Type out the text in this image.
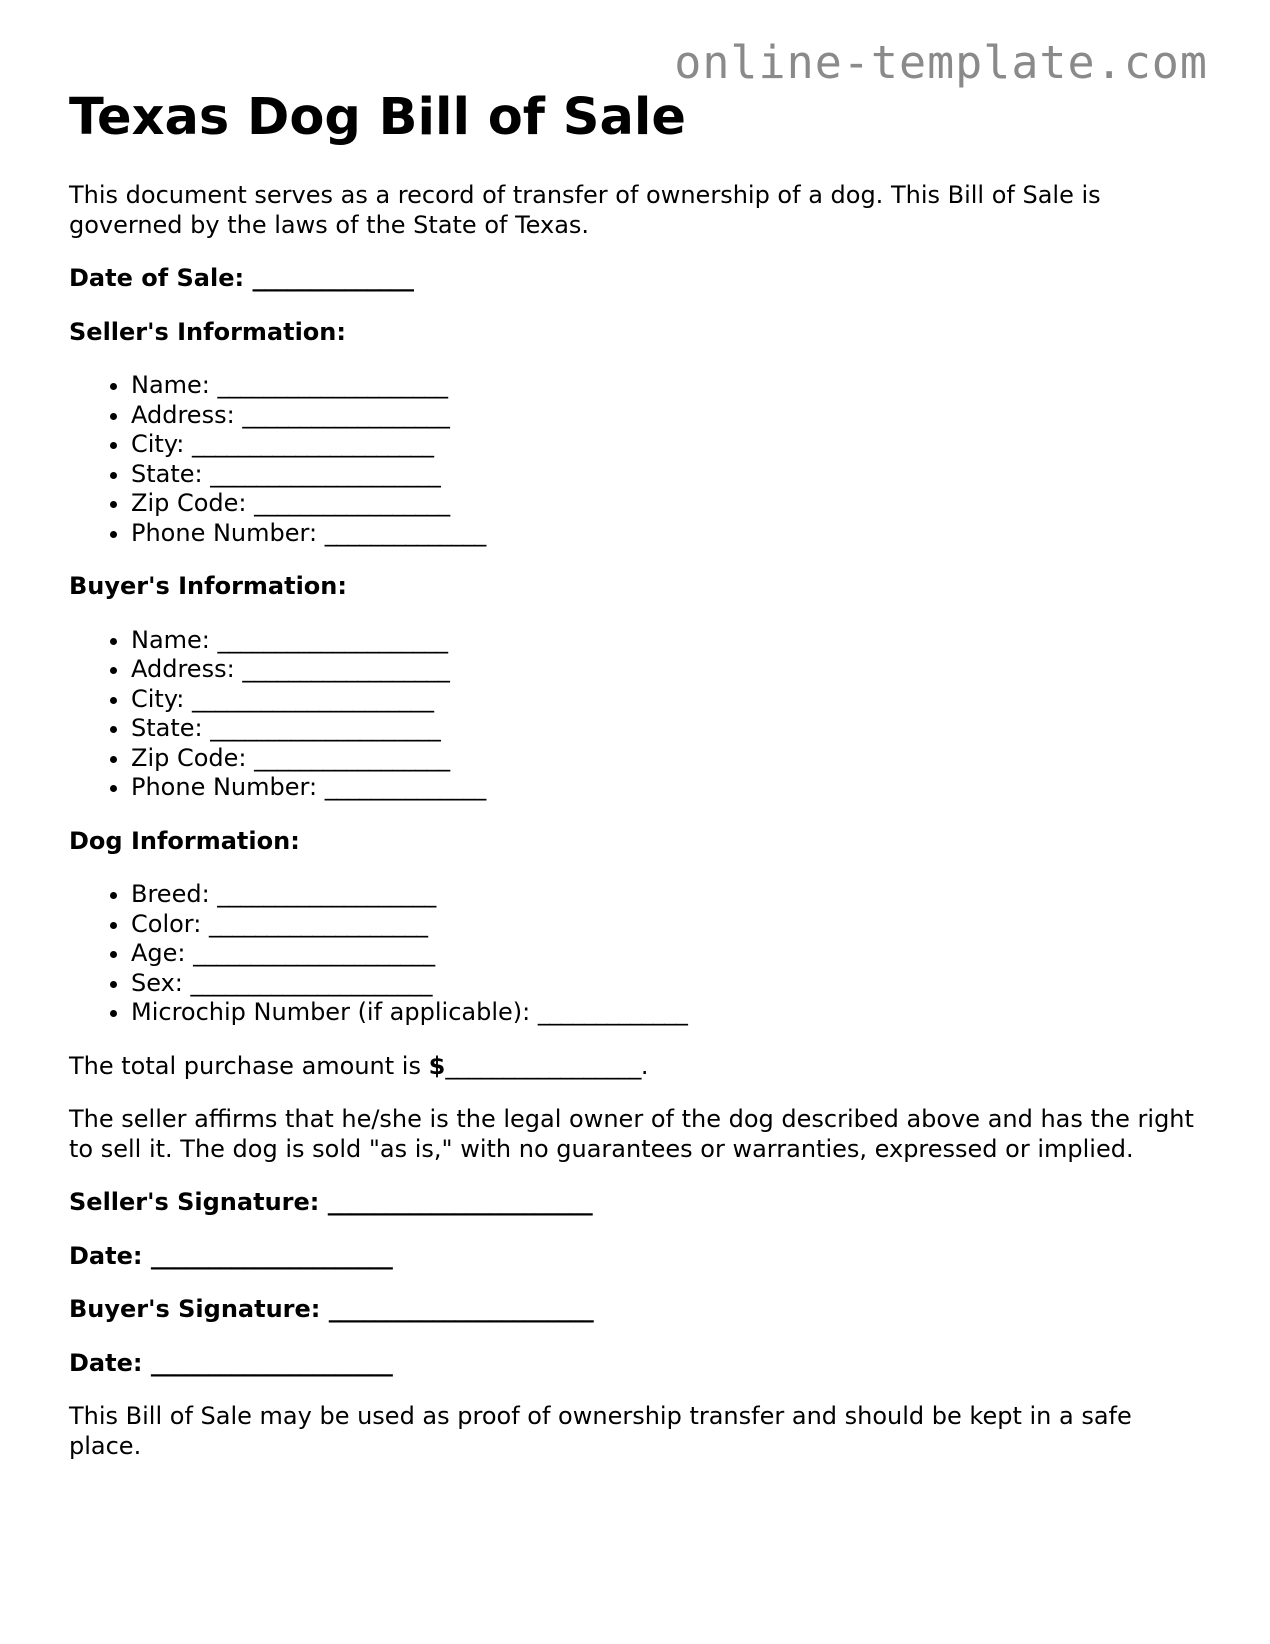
online-template.com
Texas Dog Bill of Sale

This document serves as a record of transfer of ownership of a dog. This Bill of Sale is governed by the laws of the State of Texas.

Date of Sale: ______________

Seller's Information:

• Name: ____________________
• Address: __________________
• City: _____________________
• State: ____________________
• Zip Code: _________________
• Phone Number: ______________

Buyer's Information:

• Name: ____________________
• Address: __________________
• City: _____________________
• State: ____________________
• Zip Code: _________________
• Phone Number: ______________

Dog Information:

• Breed: ___________________
• Color: ___________________
• Age: _____________________
• Sex: _____________________
• Microchip Number (if applicable): _____________

The total purchase amount is $_________________.

The seller affirms that he/she is the legal owner of the dog described above and has the right to sell it. The dog is sold "as is," with no guarantees or warranties, expressed or implied.

Seller's Signature: _______________________

Date: _____________________

Buyer's Signature: _______________________

Date: _____________________

This Bill of Sale may be used as proof of ownership transfer and should be kept in a safe place.
